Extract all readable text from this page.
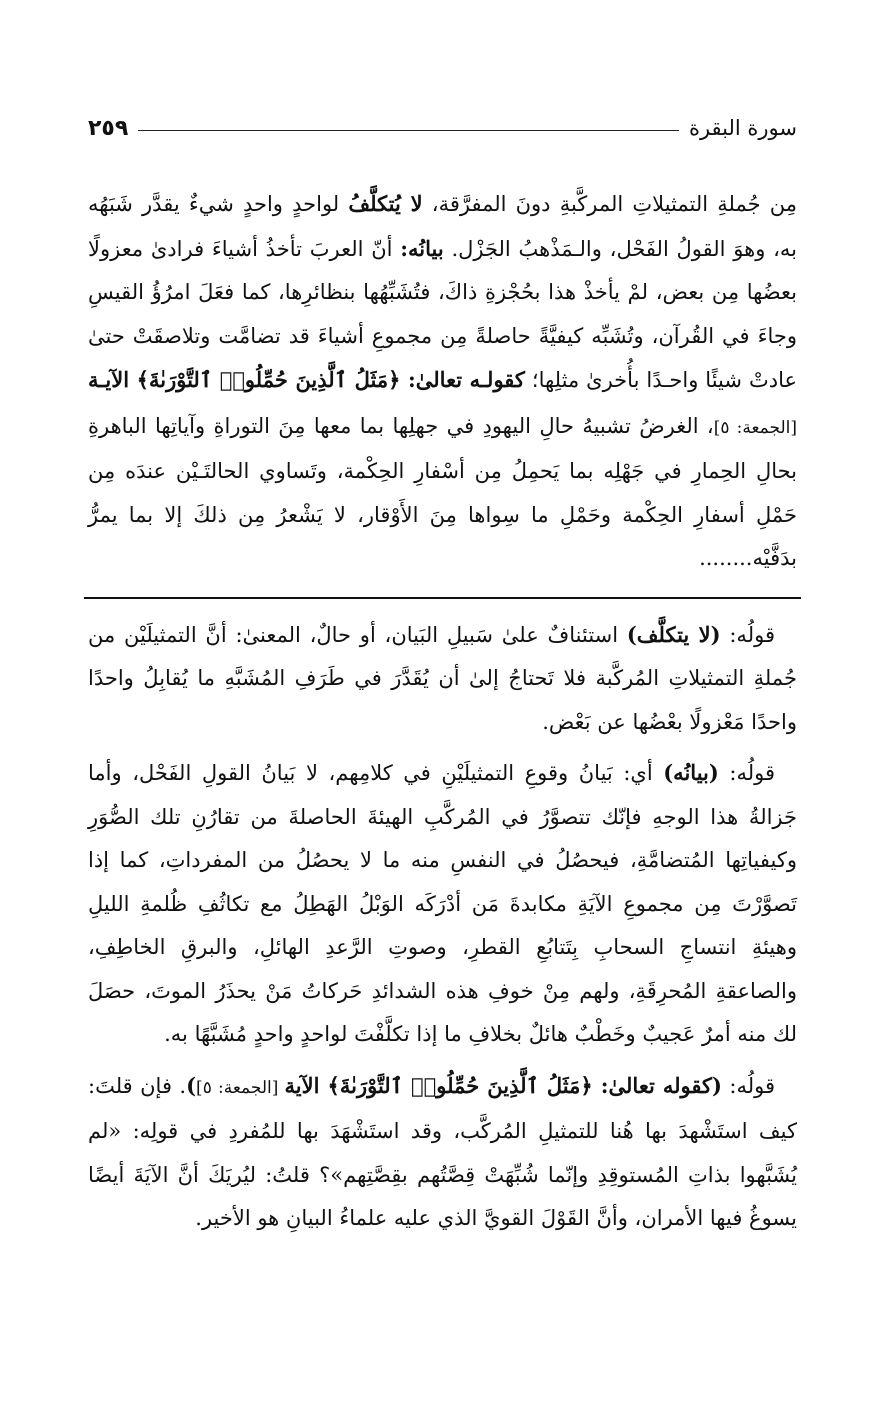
سورة البقرة
٢٥٩

مِن جُملةِ التمثيلاتِ المركَّبةِ دونَ المفرَّقة، لا يُتكلَّفُ لواحدٍ واحدٍ شيءٌ يقدَّر شَبَهُه به، وهوَ القولُ الفَحْل، والـمَذْهبُ الجَزْل. بيانُه: أنّ العربَ تأخذُ أشياءَ فرادىٰ معزولًا بعضُها مِن بعض، لمْ يأخذْ هذا بحُجْزةِ ذاكَ، فتُشَبِّهُها بنظائرِها، كما فعَلَ امرُؤُ القيسِ وجاءَ في القُرآن، وتُشَبِّه كيفيَّةً حاصلةً مِن مجموعِ أشياءَ قد تضامَّت وتلاصقَتْ حتىٰ عادتْ شيئًا واحـدًا بأُخرىٰ مثلِها؛ كقولـه تعالىٰ: ﴿مَثَلُ ٱلَّذِينَ حُمِّلُوا۟ ٱلتَّوْرَىٰةَ﴾ الآيـة [الجمعة: ٥]، الغرضُ تشبيهُ حالِ اليهودِ في جهلِها بما معها مِنَ التوراةِ وآياتِها الباهرةِ بحالِ الحِمارِ في جَهْلِه بما يَحمِلُ مِن أسْفارِ الحِكْمة، وتَساوي الحالتَـيْن عندَه مِن حَمْلِ أسفارِ الحِكْمة وحَمْلِ ما سِواها مِنَ الأَوْقار، لا يَشْعرُ مِن ذلكَ إلا بما يمرُّ بدَفَّيْه........

قولُه: (لا يتكلَّف) استئنافٌ علىٰ سَبيلِ البَيان، أو حالٌ، المعنىٰ: أنَّ التمثيلَيْن من جُملةِ التمثيلاتِ المُركَّبة فلا تَحتاجُ إلىٰ أن يُقَدَّرَ في طَرَفِ المُشَبَّهِ ما يُقابِلُ واحدًا واحدًا مَعْزولًا بعْضُها عن بَعْض.

قولُه: (بيانُه) أي: بَيانُ وقوعِ التمثيلَيْنِ في كلامِهم، لا بَيانُ القولِ الفَحْل، وأما جَزالةُ هذا الوجهِ فإنّك تتصوَّرُ في المُركَّبِ الهيئةَ الحاصلةَ من تقارُنِ تلك الصُّوَرِ وكيفياتِها المُتضامَّةِ، فيحصُلُ في النفسِ منه ما لا يحصُلُ من المفرداتِ، كما إذا تَصوَّرْتَ مِن مجموعِ الآيَةِ مكابدةَ مَن أدْرَكَه الوَبْلُ الهَطِلُ مع تكاثُفِ ظُلمةِ الليلِ وهيئةِ انتساجِ السحابِ بِتَتابُعِ القطرِ، وصوتِ الرَّعدِ الهائلِ، والبرقِ الخاطِفِ، والصاعقةِ المُحرِقَةِ، ولهم مِنْ خوفِ هذه الشدائدِ حَركاتُ مَنْ يحذَرُ الموتَ، حصَلَ لك منه أمرٌ عَجيبٌ وخَطْبٌ هائلٌ بخلافِ ما إذا تكلَّفْتَ لواحدٍ واحدٍ مُشَبَّهًا به.

قولُه: (كقوله تعالىٰ: ﴿مَثَلُ ٱلَّذِينَ حُمِّلُوا۟ ٱلتَّوْرَىٰةَ﴾ الآية [الجمعة: ٥]). فإن قلتَ: كيف استَشْهدَ بها هُنا للتمثيلِ المُركَّب، وقد استَشْهَدَ بها للمُفردِ في قولِه: «لم يُشَبَّهوا بذاتِ المُستوقِدِ وإنّما شُبِّهَتْ قِصَّتُهم بقِصَّتِهم»؟ قلتُ: ليُريَكَ أنَّ الآيَةَ أيضًا يسوغُ فيها الأمران، وأنَّ القَوْلَ القويَّ الذي عليه علماءُ البيانِ هو الأخير.
